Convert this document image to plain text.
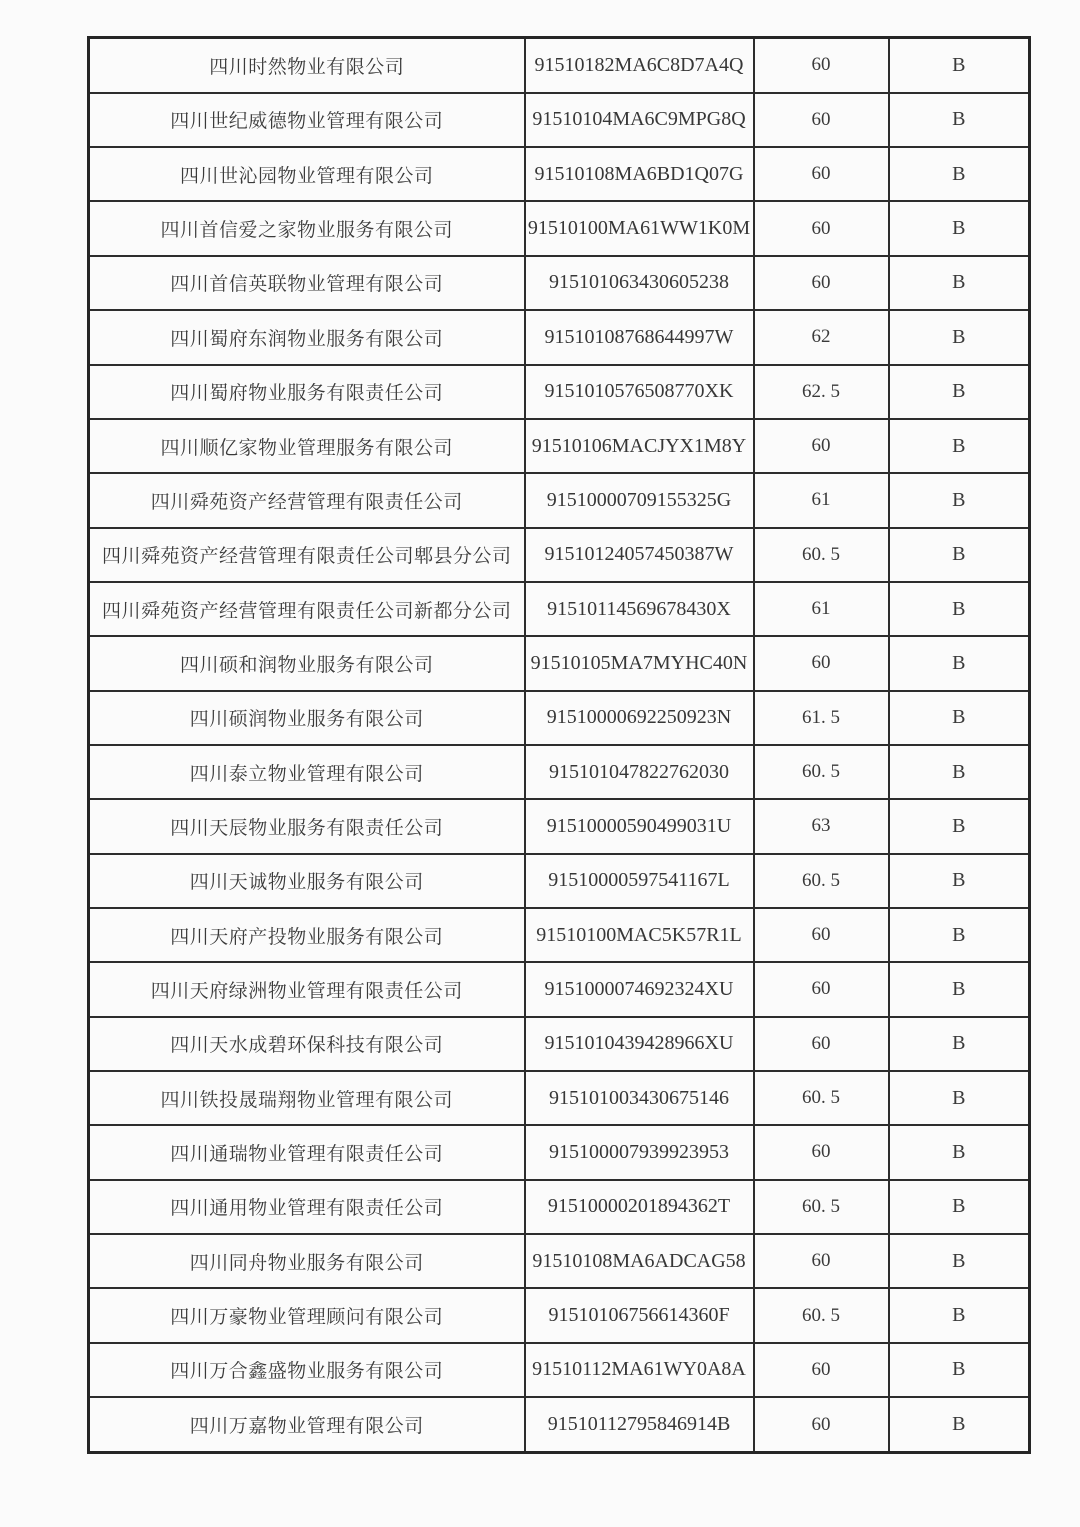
四川时然物业有限公司	91510182MA6C8D7A4Q	60	B
四川世纪威德物业管理有限公司	91510104MA6C9MPG8Q	60	B
四川世沁园物业管理有限公司	91510108MA6BD1Q07G	60	B
四川首信爱之家物业服务有限公司	91510100MA61WW1K0M	60	B
四川首信英联物业管理有限公司	915101063430605238	60	B
四川蜀府东润物业服务有限公司	91510108768644997W	62	B
四川蜀府物业服务有限责任公司	9151010576508770XK	62. 5	B
四川顺亿家物业管理服务有限公司	91510106MACJYX1M8Y	60	B
四川舜苑资产经营管理有限责任公司	91510000709155325G	61	B
四川舜苑资产经营管理有限责任公司郫县分公司	91510124057450387W	60. 5	B
四川舜苑资产经营管理有限责任公司新都分公司	91510114569678430X	61	B
四川硕和润物业服务有限公司	91510105MA7MYHC40N	60	B
四川硕润物业服务有限公司	91510000692250923N	61. 5	B
四川泰立物业管理有限公司	915101047822762030	60. 5	B
四川天辰物业服务有限责任公司	91510000590499031U	63	B
四川天诚物业服务有限公司	91510000597541167L	60. 5	B
四川天府产投物业服务有限公司	91510100MAC5K57R1L	60	B
四川天府绿洲物业管理有限责任公司	9151000074692324XU	60	B
四川天水成碧环保科技有限公司	9151010439428966XU	60	B
四川铁投晟瑞翔物业管理有限公司	915101003430675146	60. 5	B
四川通瑞物业管理有限责任公司	915100007939923953	60	B
四川通用物业管理有限责任公司	91510000201894362T	60. 5	B
四川同舟物业服务有限公司	91510108MA6ADCAG58	60	B
四川万豪物业管理顾问有限公司	91510106756614360F	60. 5	B
四川万合鑫盛物业服务有限公司	91510112MA61WY0A8A	60	B
四川万嘉物业管理有限公司	91510112795846914B	60	B
